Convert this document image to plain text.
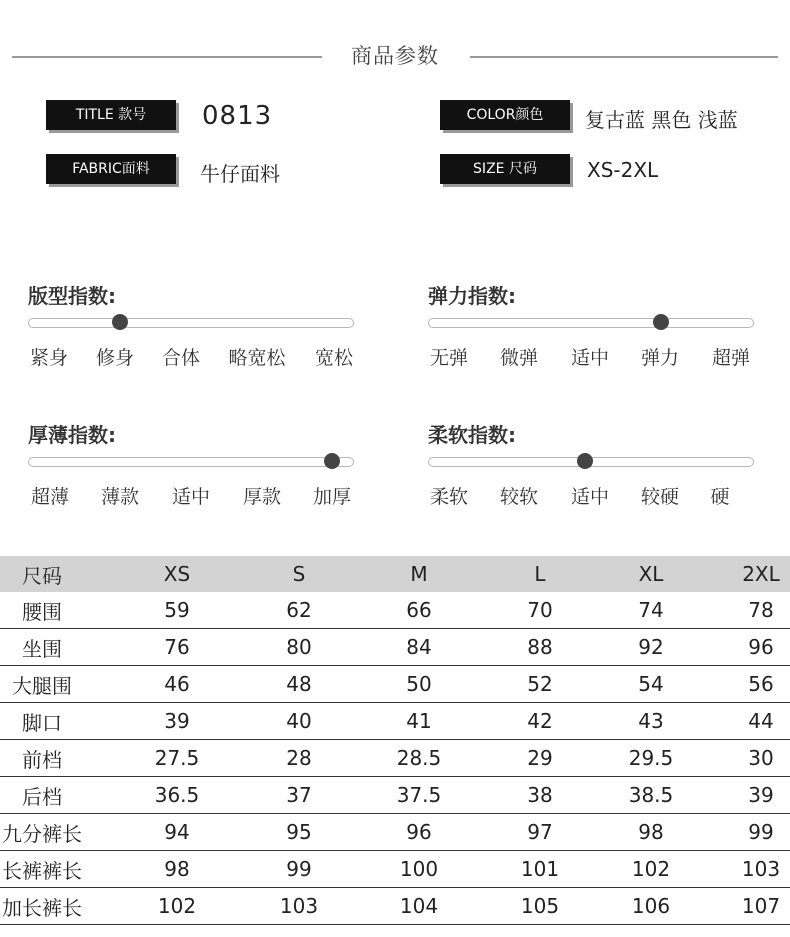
商品参数
TITLE 款号	0813	COLOR颜色	复古蓝 黑色 浅蓝
FABRIC面料	牛仔面料	SIZE 尺码	XS-2XL
版型指数:
紧身 修身 合体 略宽松 宽松
弹力指数:
无弹 微弹 适中 弹力 超弹
厚薄指数:
超薄 薄款 适中 厚款 加厚
柔软指数:
柔软 较软 适中 较硬 硬
尺码	XS	S	M	L	XL	2XL
腰围	59	62	66	70	74	78
坐围	76	80	84	88	92	96
大腿围	46	48	50	52	54	56
脚口	39	40	41	42	43	44
前档	27.5	28	28.5	29	29.5	30
后档	36.5	37	37.5	38	38.5	39
九分裤长	94	95	96	97	98	99
长裤裤长	98	99	100	101	102	103
加长裤长	102	103	104	105	106	107
